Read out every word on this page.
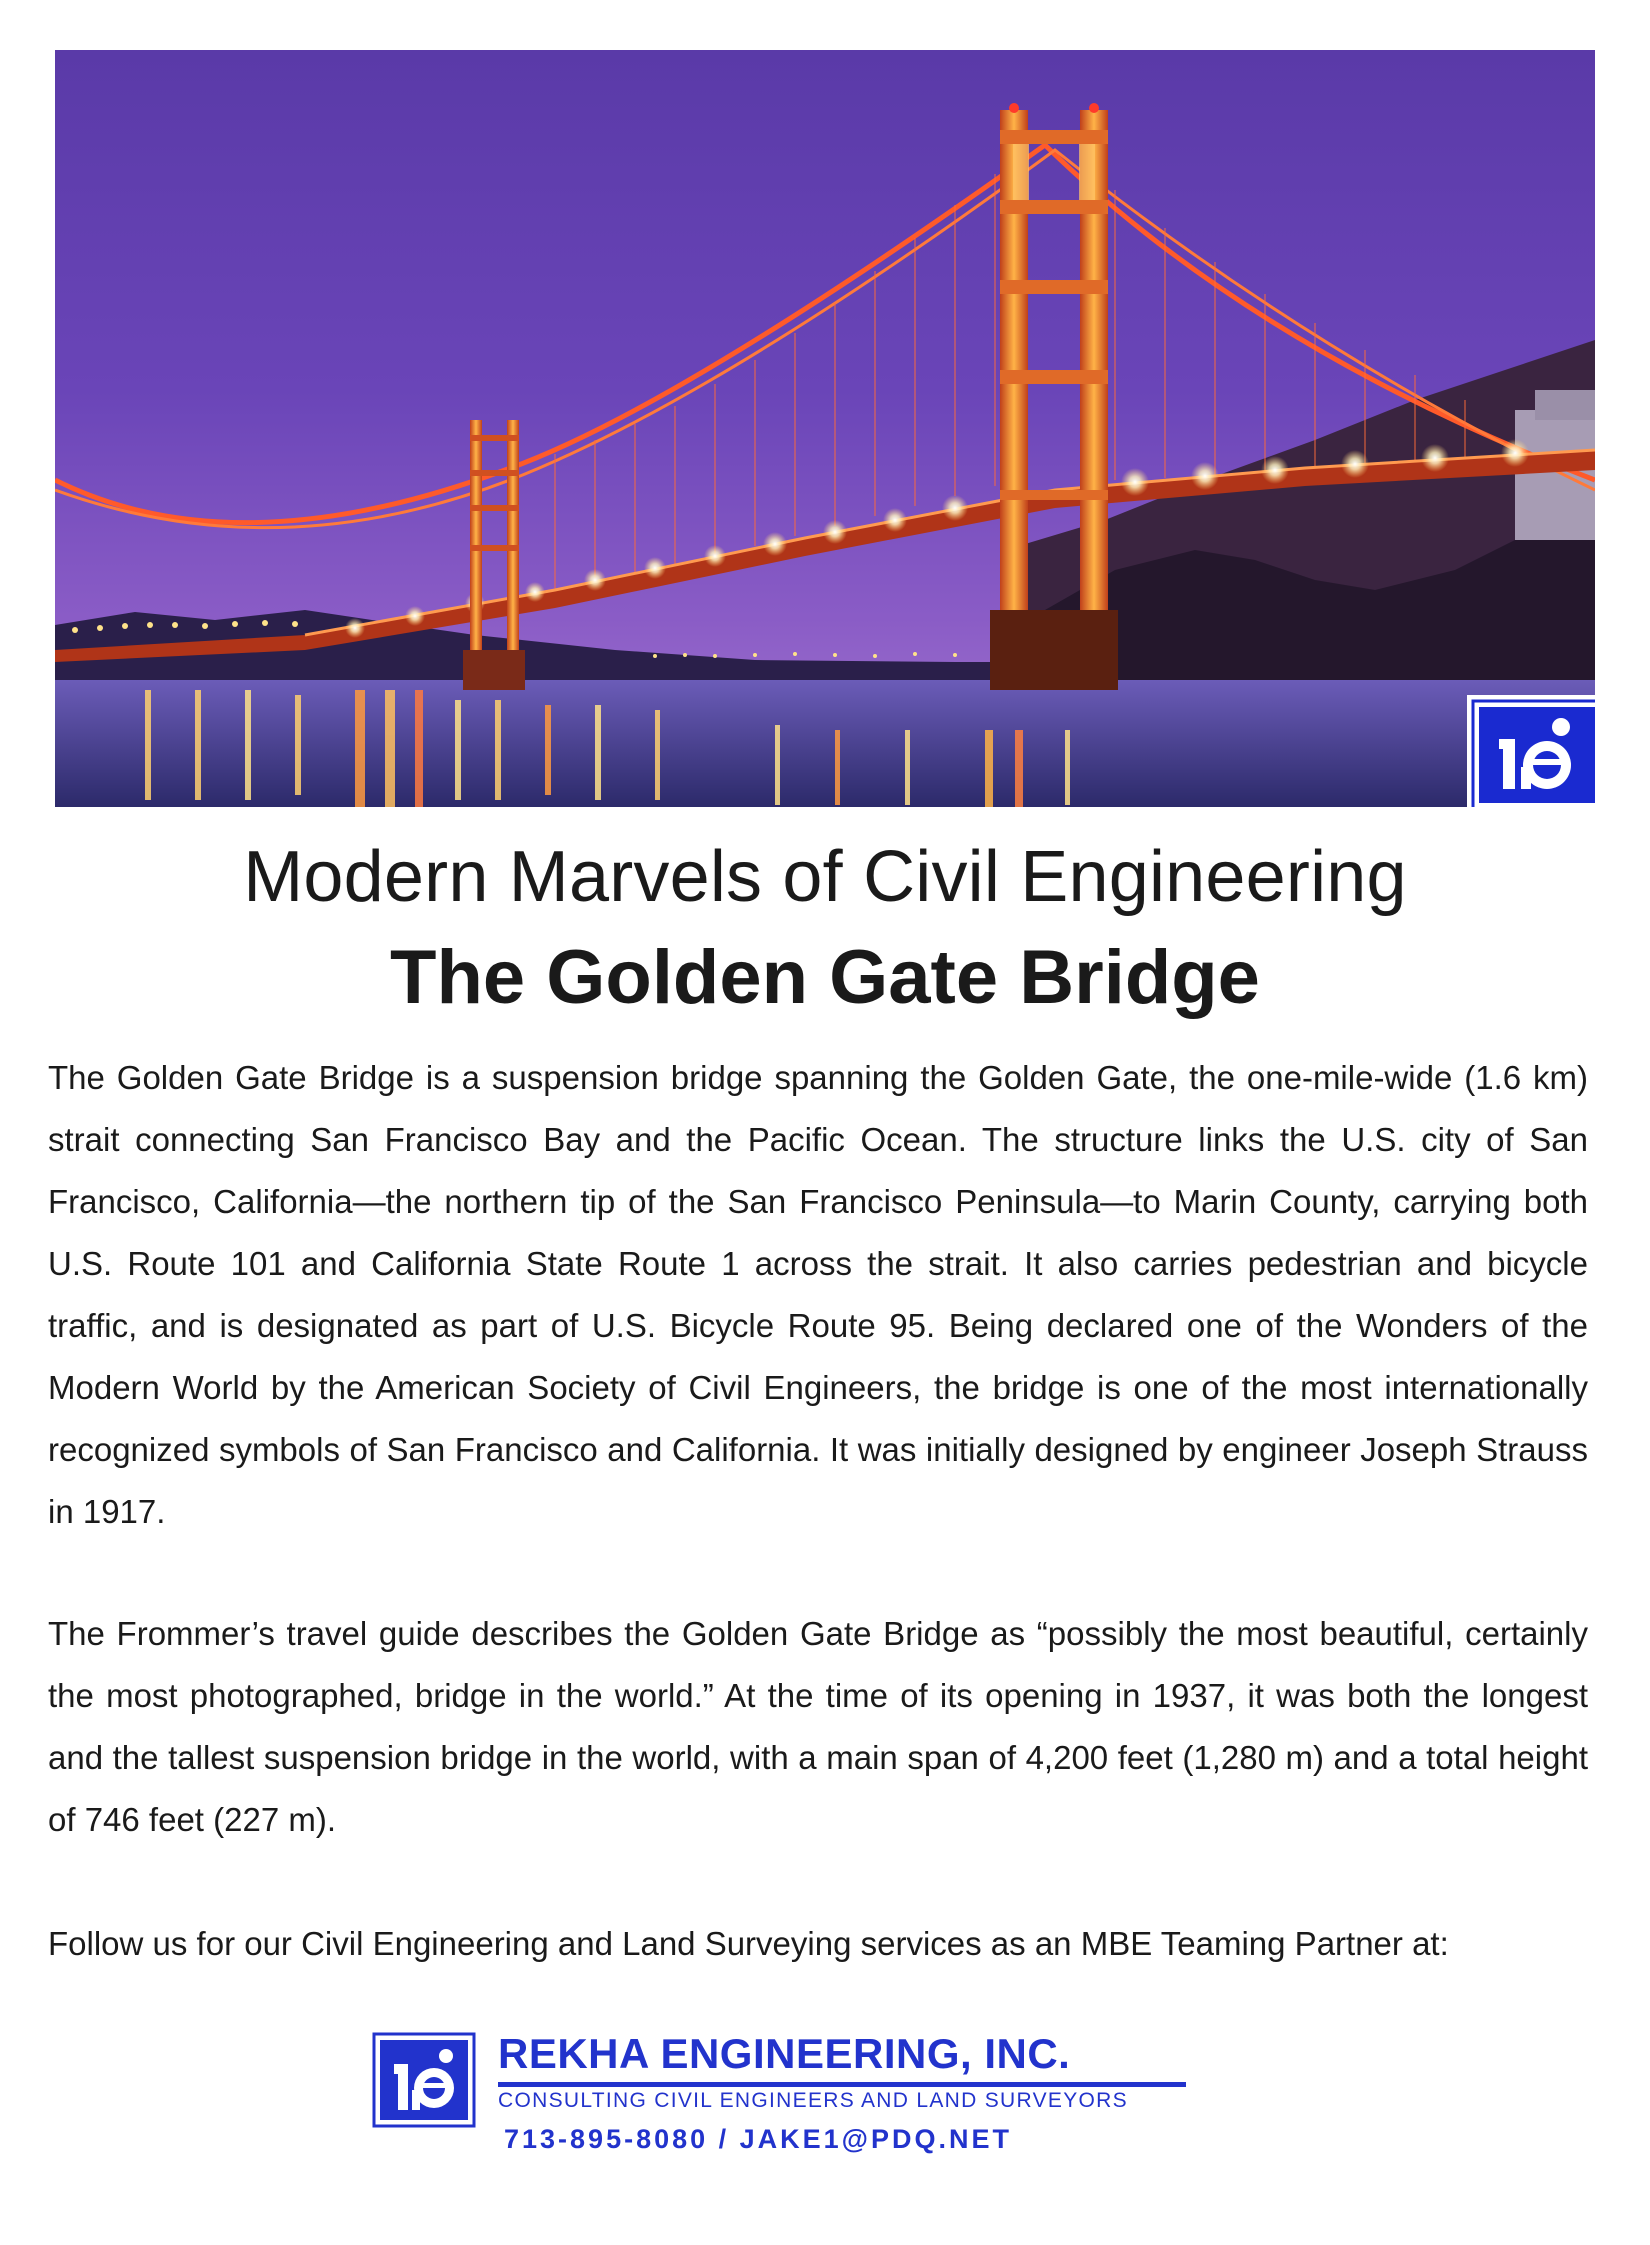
Modern Marvels of Civil Engineering
The Golden Gate Bridge

The Golden Gate Bridge is a suspension bridge spanning the Golden Gate, the one-mile-wide (1.6 km) strait connecting San Francisco Bay and the Pacific Ocean. The structure links the U.S. city of San Francisco, California—the northern tip of the San Francisco Peninsula—to Marin County, carrying both U.S. Route 101 and California State Route 1 across the strait. It also carries pedestrian and bicycle traffic, and is designated as part of U.S. Bicycle Route 95. Being declared one of the Wonders of the Modern World by the American Society of Civil Engineers, the bridge is one of the most internationally recognized symbols of San Francisco and California. It was initially designed by engineer Joseph Strauss in 1917.

The Frommer’s travel guide describes the Golden Gate Bridge as “possibly the most beautiful, certainly the most photographed, bridge in the world.” At the time of its opening in 1937, it was both the longest and the tallest suspension bridge in the world, with a main span of 4,200 feet (1,280 m) and a total height of 746 feet (227 m).

Follow us for our Civil Engineering and Land Surveying services as an MBE Teaming Partner at:

REKHA ENGINEERING, INC.
CONSULTING CIVIL ENGINEERS AND LAND SURVEYORS
713-895-8080 / JAKE1@PDQ.NET
